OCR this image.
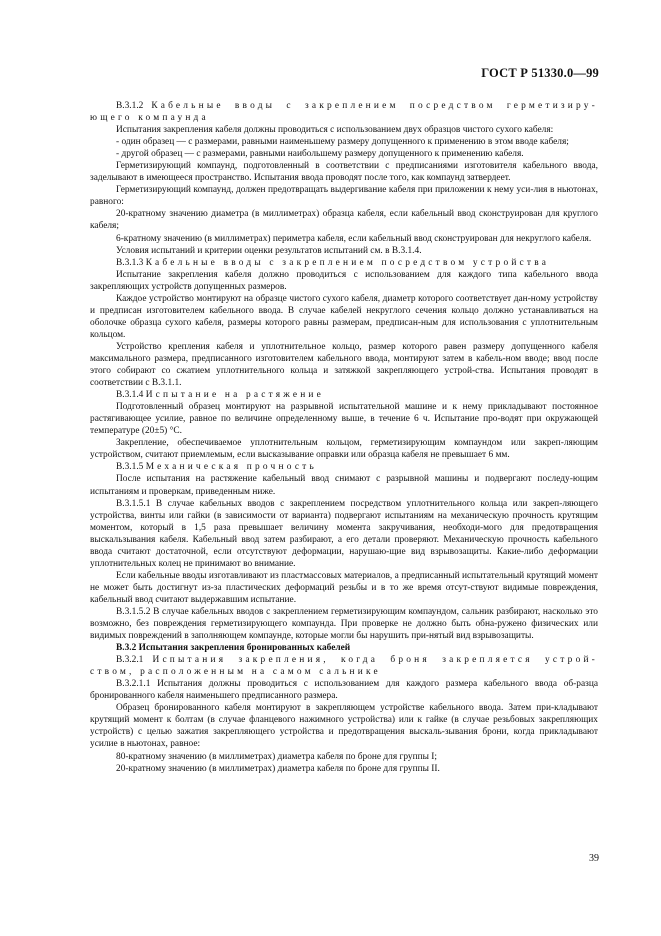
ГОСТ Р 51330.0—99

В.3.1.2 Кабельные вводы с закреплением посредством герметизиру-ющего компаунда

Испытания закрепления кабеля должны проводиться с использованием двух образцов чистого сухого кабеля:

- один образец — с размерами, равными наименьшему размеру допущенного к применению в этом вводе кабеля;

- другой образец — с размерами, равными наибольшему размеру допущенного к применению кабеля.

Герметизирующий компаунд, подготовленный в соответствии с предписаниями изготовителя кабельного ввода, заделывают в имеющееся пространство. Испытания ввода проводят после того, как компаунд затвердеет.

Герметизирующий компаунд, должен предотвращать выдергивание кабеля при приложении к нему уси-лия в ньютонах, равного:

20-кратному значению диаметра (в миллиметрах) образца кабеля, если кабельный ввод сконструирован для круглого кабеля;

6-кратному значению (в миллиметрах) периметра кабеля, если кабельный ввод сконструирован для некруглого кабеля.

Условия испытаний и критерии оценки результатов испытаний см. в В.3.1.4.

В.3.1.3 Кабельные вводы с закреплением посредством устройства

Испытание закрепления кабеля должно проводиться с использованием для каждого типа кабельного ввода закрепляющих устройств допущенных размеров.

Каждое устройство монтируют на образце чистого сухого кабеля, диаметр которого соответствует дан-ному устройству и предписан изготовителем кабельного ввода. В случае кабелей некруглого сечения кольцо должно устанавливаться на оболочке образца сухого кабеля, размеры которого равны размерам, предписан-ным для использования с уплотнительным кольцом.

Устройство крепления кабеля и уплотнительное кольцо, размер которого равен размеру допущенного кабеля максимального размера, предписанного изготовителем кабельного ввода, монтируют затем в кабель-ном вводе; ввод после этого собирают со сжатием уплотнительного кольца и затяжкой закрепляющего устрой-ства. Испытания проводят в соответствии с В.3.1.1.

В.3.1.4 Испытание на растяжение

Подготовленный образец монтируют на разрывной испытательной машине и к нему прикладывают постоянное растягивающее усилие, равное по величине определенному выше, в течение 6 ч. Испытание про-водят при окружающей температуре (20±5) °С.

Закрепление, обеспечиваемое уплотнительным кольцом, герметизирующим компаундом или закреп-ляющим устройством, считают приемлемым, если высказывание оправки или образца кабеля не превышает 6 мм.

В.3.1.5 Механическая прочность

После испытания на растяжение кабельный ввод снимают с разрывной машины и подвергают последу-ющим испытаниям и проверкам, приведенным ниже.

В.3.1.5.1 В случае кабельных вводов с закреплением посредством уплотнительного кольца или закреп-ляющего устройства, винты или гайки (в зависимости от варианта) подвергают испытаниям на механическую прочность крутящим моментом, который в 1,5 раза превышает величину момента закручивания, необходи-мого для предотвращения выскальзывания кабеля. Кабельный ввод затем разбирают, а его детали проверяют. Механическую прочность кабельного ввода считают достаточной, если отсутствуют деформации, нарушаю-щие вид взрывозащиты. Какие-либо деформации уплотнительных колец не принимают во внимание.

Если кабельные вводы изготавливают из пластмассовых материалов, а предписанный испытательный крутящий момент не может быть достигнут из-за пластических деформаций резьбы и в то же время отсут-ствуют видимые повреждения, кабельный ввод считают выдержавшим испытание.

В.3.1.5.2 В случае кабельных вводов с закреплением герметизирующим компаундом, сальник разбирают, насколько это возможно, без повреждения герметизирующего компаунда. При проверке не должно быть обна-ружено физических или видимых повреждений в заполняющем компаунде, которые могли бы нарушить при-нятый вид взрывозащиты.

В.3.2 Испытания закрепления бронированных кабелей

В.3.2.1 Испытания закрепления, когда броня закрепляется устрой-ством, расположенным на самом сальнике

В.3.2.1.1 Испытания должны проводиться с использованием для каждого размера кабельного ввода об-разца бронированного кабеля наименьшего предписанного размера.

Образец бронированного кабеля монтируют в закрепляющем устройстве кабельного ввода. Затем при-кладывают крутящий момент к болтам (в случае фланцевого нажимного устройства) или к гайке (в случае резьбовых закрепляющих устройств) с целью зажатия закрепляющего устройства и предотвращения выскаль-зывания брони, когда прикладывают усилие в ньютонах, равное:

80-кратному значению (в миллиметрах) диаметра кабеля по броне для группы I;

20-кратному значению (в миллиметрах) диаметра кабеля по броне для группы II.

39
